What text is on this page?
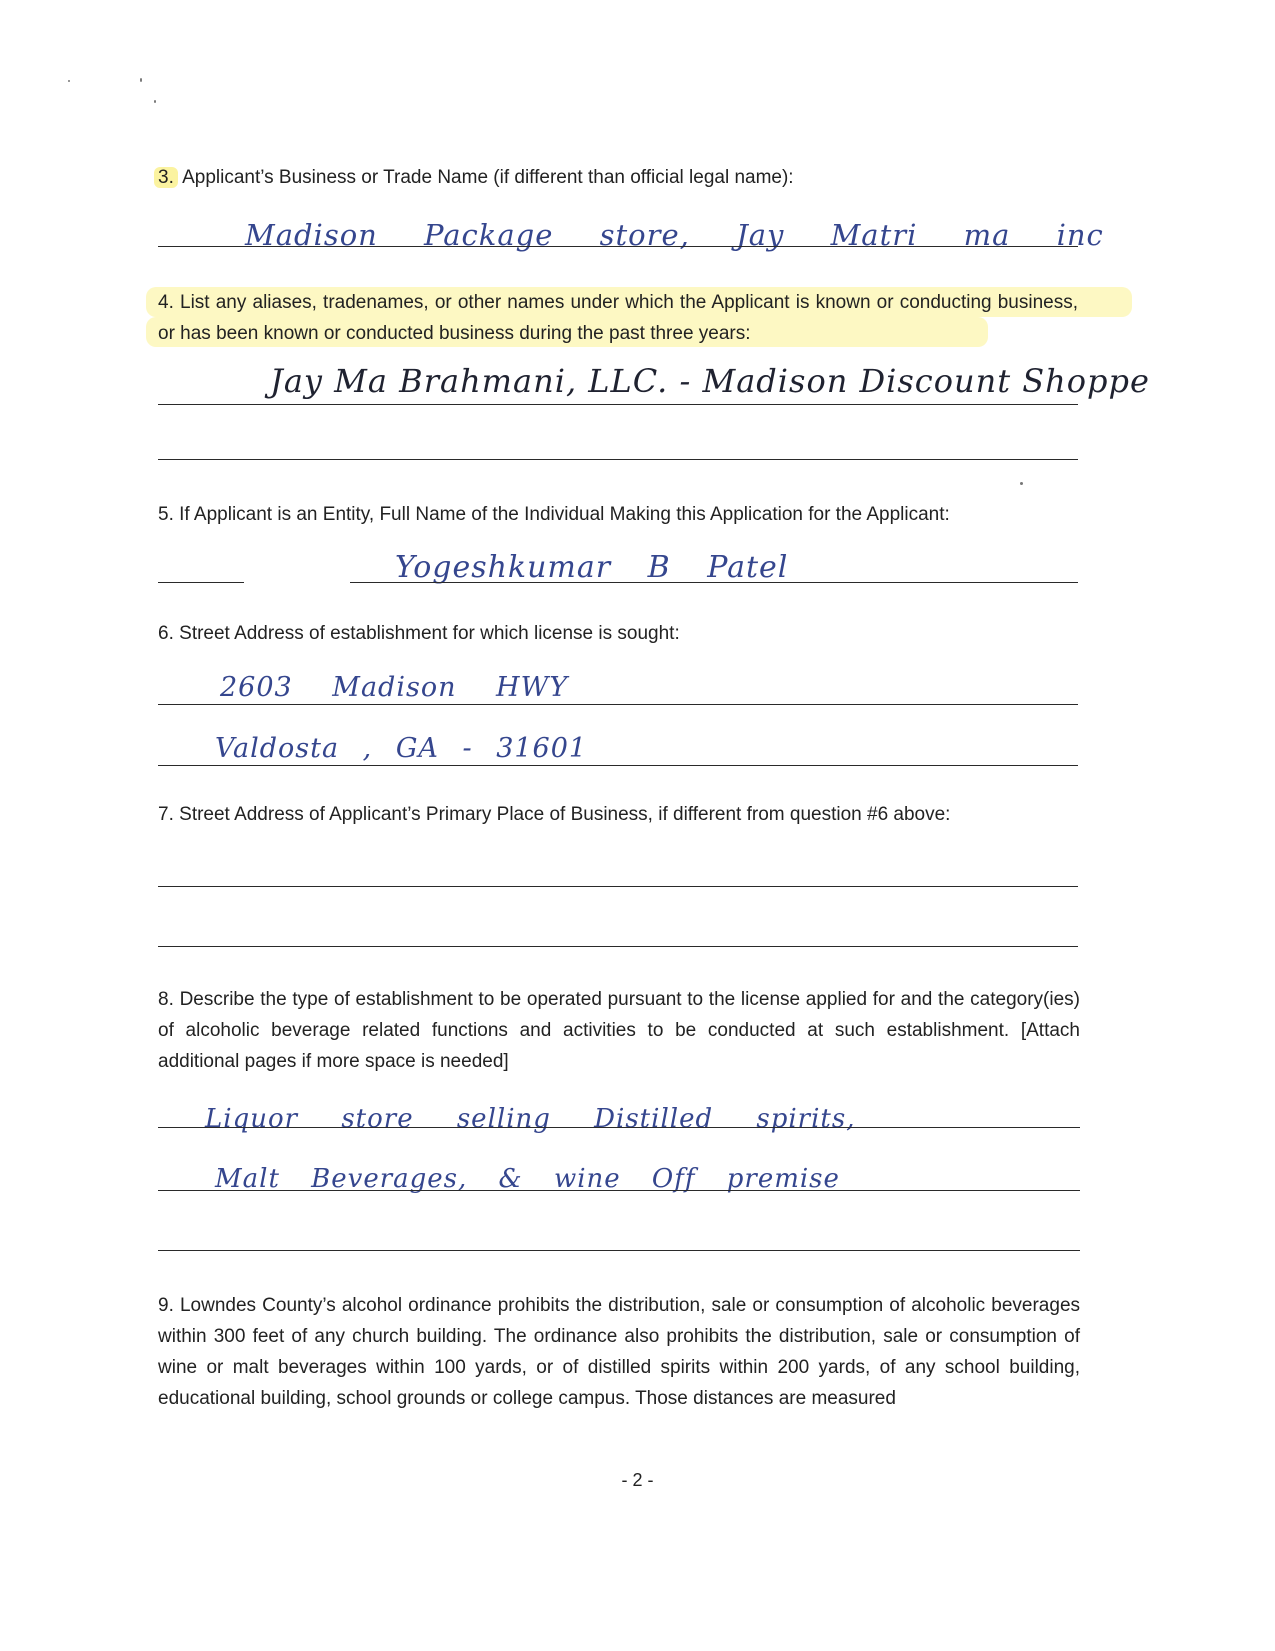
3. Applicant’s Business or Trade Name (if different than official legal name):
Madison Package store, Jay Matri ma inc
4. List any aliases, tradenames, or other names under which the Applicant is known or conducting business, or has been known or conducted business during the past three years:
Jay Ma Brahmani, LLC. - Madison Discount Shoppe
5. If Applicant is an Entity, Full Name of the Individual Making this Application for the Applicant:
Yogeshkumar B Patel
6. Street Address of establishment for which license is sought:
2603 Madison HWY
Valdosta , GA - 31601
7. Street Address of Applicant’s Primary Place of Business, if different from question #6 above:
8. Describe the type of establishment to be operated pursuant to the license applied for and the category(ies) of alcoholic beverage related functions and activities to be conducted at such establishment. [Attach additional pages if more space is needed]
Liquor store selling Distilled spirits,
Malt Beverages, & wine Off premise
9. Lowndes County’s alcohol ordinance prohibits the distribution, sale or consumption of alcoholic beverages within 300 feet of any church building. The ordinance also prohibits the distribution, sale or consumption of wine or malt beverages within 100 yards, or of distilled spirits within 200 yards, of any school building, educational building, school grounds or college campus. Those distances are measured
- 2 -
